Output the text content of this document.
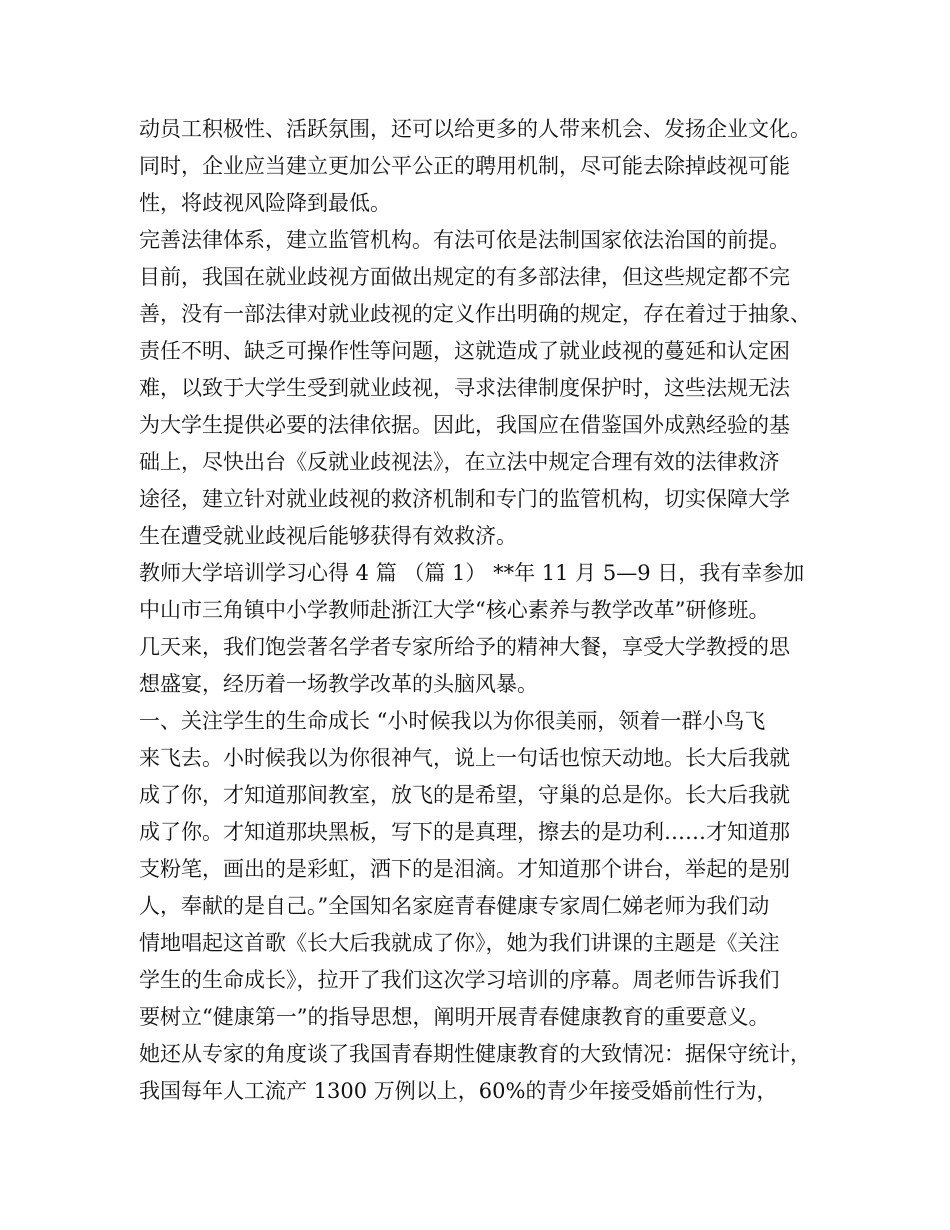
动员工积极性、活跃氛围，还可以给更多的人带来机会、发扬企业文化。
同时，企业应当建立更加公平公正的聘用机制，尽可能去除掉歧视可能
性，将歧视风险降到最低。
完善法律体系，建立监管机构。有法可依是法制国家依法治国的前提。
目前，我国在就业歧视方面做出规定的有多部法律，但这些规定都不完
善，没有一部法律对就业歧视的定义作出明确的规定，存在着过于抽象、
责任不明、缺乏可操作性等问题，这就造成了就业歧视的蔓延和认定困
难，以致于大学生受到就业歧视，寻求法律制度保护时，这些法规无法
为大学生提供必要的法律依据。因此，我国应在借鉴国外成熟经验的基
础上，尽快出台《反就业歧视法》，在立法中规定合理有效的法律救济
途径，建立针对就业歧视的救济机制和专门的监管机构，切实保障大学
生在遭受就业歧视后能够获得有效救济。
教师大学培训学习心得 4 篇 （篇 1） **年 11 月 5—9 日，我有幸参加
中山市三角镇中小学教师赴浙江大学“核心素养与教学改革”研修班。
几天来，我们饱尝著名学者专家所给予的精神大餐，享受大学教授的思
想盛宴，经历着一场教学改革的头脑风暴。
一、关注学生的生命成长 “小时候我以为你很美丽，领着一群小鸟飞
来飞去。小时候我以为你很神气，说上一句话也惊天动地。长大后我就
成了你，才知道那间教室，放飞的是希望，守巢的总是你。长大后我就
成了你。才知道那块黑板，写下的是真理，擦去的是功利……才知道那
支粉笔，画出的是彩虹，洒下的是泪滴。才知道那个讲台，举起的是别
人，奉献的是自己。”全国知名家庭青春健康专家周仁娣老师为我们动
情地唱起这首歌《长大后我就成了你》，她为我们讲课的主题是《关注
学生的生命成长》，拉开了我们这次学习培训的序幕。周老师告诉我们
要树立“健康第一”的指导思想，阐明开展青春健康教育的重要意义。
她还从专家的角度谈了我国青春期性健康教育的大致情况：据保守统计，
我国每年人工流产 1300 万例以上，60%的青少年接受婚前性行为，
